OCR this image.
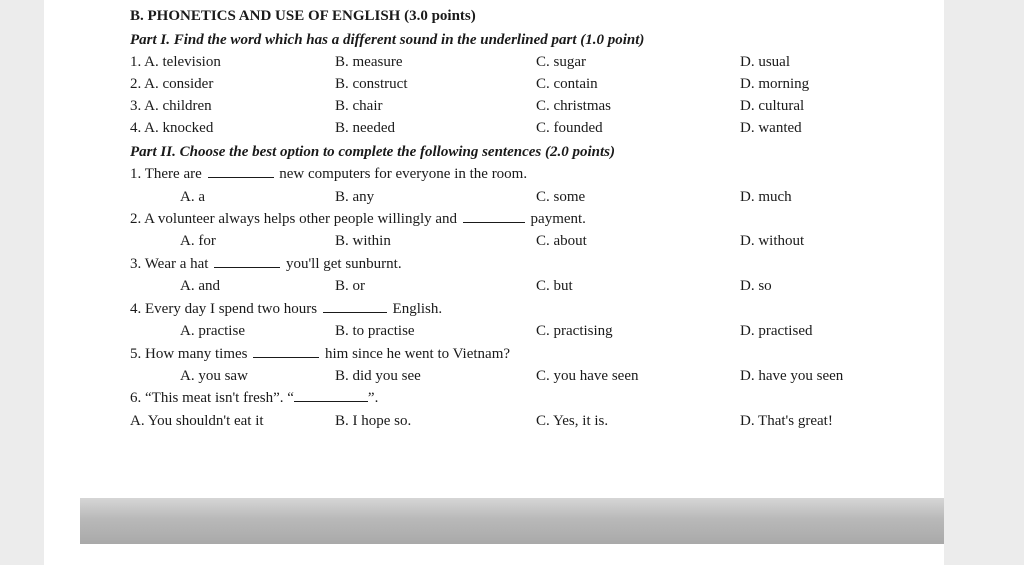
B. PHONETICS AND USE OF ENGLISH (3.0 points)
Part I. Find the word which has a different sound in the underlined part (1.0 point)
1. A. television	B. measure	C. sugar	D. usual
2. A. consider	B. construct	C. contain	D. morning
3. A. children	B. chair	C. christmas	D. cultural
4. A. knocked	B. needed	C. founded	D. wanted
Part II. Choose the best option to complete the following sentences (2.0 points)
1. There are	new computers for everyone in the room.
A. a	B. any	C. some	D. much
2. A volunteer always helps other people willingly and	payment.
A. for	B. within	C. about	D. without
3. Wear a hat	you'll get sunburnt.
A. and	B. or	C. but	D. so
4. Every day I spend two hours	English.
A. practise	B. to practise	C. practising	D. practised
5. How many times	him since he went to Vietnam?
A. you saw	B. did you see	C. you have seen	D. have you seen
6. “This meat isn't fresh”. “	”.
A. You shouldn't eat it	B. I hope so.	C. Yes, it is.	D. That's great!
